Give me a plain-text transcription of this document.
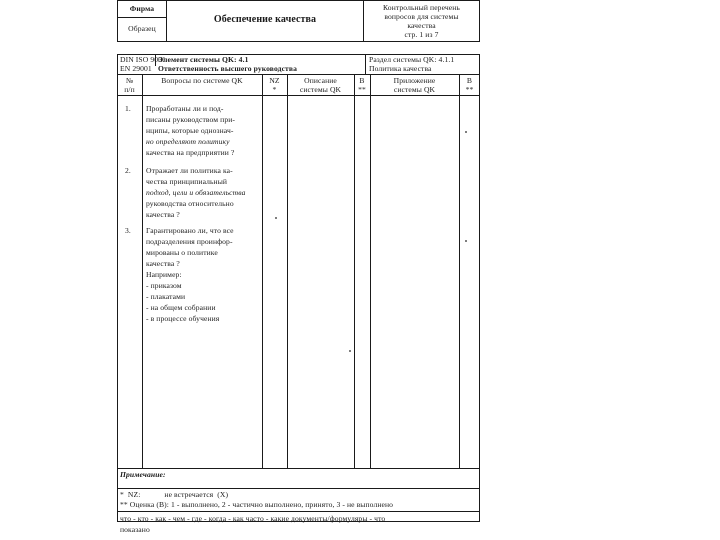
Фирма
Образец
Обеспечение качества
Контрольный перечень
вопросов для системы
качества
стр. 1 из 7
DIN ISO 9001
EN 29001
Элемент системы QK: 4.1
Ответственность высшего руководства
Раздел системы QK: 4.1.1
Политика качества
№
п/п
Вопросы по системе QK	NZ
*
Описание
системы QK
В
**
Приложение
системы QK
В
**
1. Проработаны ли и под-
писаны руководством при-
нципы, которые однознач-
но определяют политику
качества на предприятии ?
2. Отражает ли политика ка-
чества принципиальный
подход, цели и обязательства
руководства относительно
качества ?
3. Гарантировано ли, что все
подразделения проинфор-
мированы о политике
качества ?
Например:
- приказом
- плакатами
- на общем собрании
- в процессе обучения
Примечание:
*  NZ:            не встречается  (X)
** Оценка (В): 1 - выполнено, 2 - частично выполнено, принято, 3 - не выполнено
что - кто - как - чем - где - когда - как часто - какие документы/формуляры - что
показано
